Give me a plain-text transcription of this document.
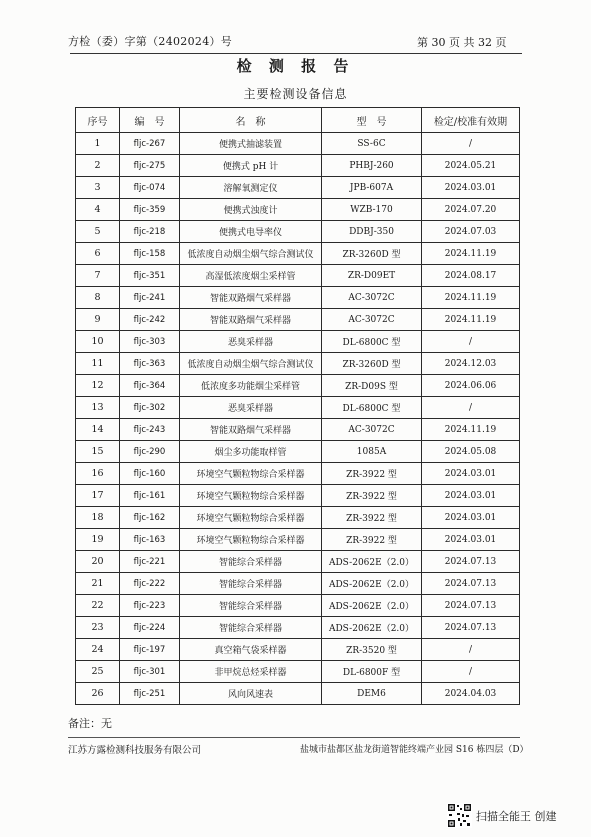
方检（委）字第（2402024）号	第 30 页 共 32 页
检 测 报 告
主要检测设备信息
序号	编　号	名　称	型　号	检定/校准有效期
1	fljc-267	便携式抽滤装置	SS-6C	/
2	fljc-275	便携式 pH 计	PHBJ-260	2024.05.21
3	fljc-074	溶解氧测定仪	JPB-607A	2024.03.01
4	fljc-359	便携式浊度计	WZB-170	2024.07.20
5	fljc-218	便携式电导率仪	DDBJ-350	2024.07.03
6	fljc-158	低浓度自动烟尘烟气综合测试仪	ZR-3260D 型	2024.11.19
7	fljc-351	高湿低浓度烟尘采样管	ZR-D09ET	2024.08.17
8	fljc-241	智能双路烟气采样器	AC-3072C	2024.11.19
9	fljc-242	智能双路烟气采样器	AC-3072C	2024.11.19
10	fljc-303	恶臭采样器	DL-6800C 型	/
11	fljc-363	低浓度自动烟尘烟气综合测试仪	ZR-3260D 型	2024.12.03
12	fljc-364	低浓度多功能烟尘采样管	ZR-D09S 型	2024.06.06
13	fljc-302	恶臭采样器	DL-6800C 型	/
14	fljc-243	智能双路烟气采样器	AC-3072C	2024.11.19
15	fljc-290	烟尘多功能取样管	1085A	2024.05.08
16	fljc-160	环境空气颗粒物综合采样器	ZR-3922 型	2024.03.01
17	fljc-161	环境空气颗粒物综合采样器	ZR-3922 型	2024.03.01
18	fljc-162	环境空气颗粒物综合采样器	ZR-3922 型	2024.03.01
19	fljc-163	环境空气颗粒物综合采样器	ZR-3922 型	2024.03.01
20	fljc-221	智能综合采样器	ADS-2062E（2.0）	2024.07.13
21	fljc-222	智能综合采样器	ADS-2062E（2.0）	2024.07.13
22	fljc-223	智能综合采样器	ADS-2062E（2.0）	2024.07.13
23	fljc-224	智能综合采样器	ADS-2062E（2.0）	2024.07.13
24	fljc-197	真空箱气袋采样器	ZR-3520 型	/
25	fljc-301	非甲烷总烃采样器	DL-6800F 型	/
26	fljc-251	风向风速表	DEM6	2024.04.03
备注：无
江苏方露检测科技服务有限公司	盐城市盐都区盐龙街道智能终端产业园 S16 栋四层（D）
扫描全能王 创建
